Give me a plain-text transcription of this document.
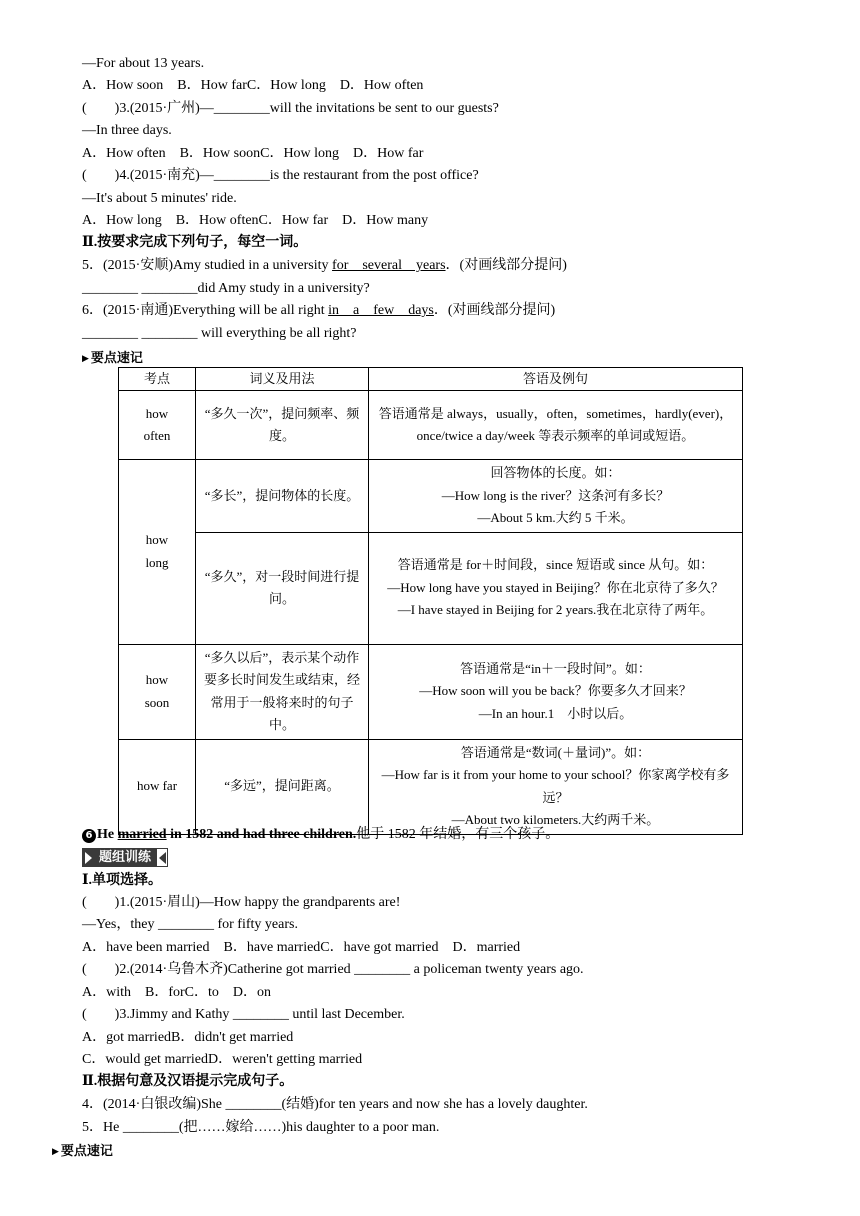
—For about 13 years.
A．How soon　B．How farC．How long　D．How often
(　　)3.(2015·广州)—________will the invitations be sent to our guests?
—In three days.
A．How often　B．How soonC．How long　D．How far
(　　)4.(2015·南充)—________is the restaurant from the post office?
—It's about 5 minutes' ride.
A．How long　B．How oftenC．How far　D．How many
Ⅱ.按要求完成下列句子，每空一词。
5．(2015·安顺)Amy studied in a university for　several　years．(对画线部分提问)
________ ________did Amy study in a university?
6．(2015·南通)Everything will be all right in　a　few　days．(对画线部分提问)
________ ________ will everything be all right?
▶ 要点速记
考点	词义及用法	答语及例句
how often	“多久一次”，提问频率、频度。	答语通常是 always，usually，often，sometimes，hardly(ever)，once/twice a day/week 等表示频率的单词或短语。
how long	“多长”，提问物体的长度。	回答物体的长度。如：
—How long is the river？这条河有多长？
—About 5 km.大约 5 千米。

	“多久”，对一段时间进行提问。	答语通常是 for＋时间段，since 短语或 since 从句。如：
—How long have you stayed in Beijing？你在北京待了多久？
—I have stayed in Beijing for 2 years.我在北京待了两年。

how soon	“多久以后”，表示某个动作要多长时间发生或结束，经常用于一般将来时的句子中。	答语通常是“in＋一段时间”。如：
—How soon will you be back？你要多久才回来？
—In an hour.1　小时以后。

how far	“多远”，提问距离。	答语通常是“数词(＋量词)”。如：
—How far is it from your home to your school？你家离学校有多远？
—About two kilometers.大约两千米。
6 He married in 1582 and had three children.他于 1582 年结婚，有三个孩子。
题组训练
Ⅰ.单项选择。
(　　)1.(2015·眉山)—How happy the grandparents are!
—Yes，they ________ for fifty years.
A．have been married　B．have marriedC．have got married　D．married
(　　)2.(2014·乌鲁木齐)Catherine got married ________ a policeman twenty years ago.
A．with　B．forC．to　D．on
(　　)3.Jimmy and Kathy ________ until last December.
A．got marriedB．didn't get married
C．would get marriedD．weren't getting married
Ⅱ.根据句意及汉语提示完成句子。
4．(2014·白银改编)She ________(结婚)for ten years and now she has a lovely daughter.
5．He ________(把……嫁给……)his daughter to a poor man.
▶ 要点速记
